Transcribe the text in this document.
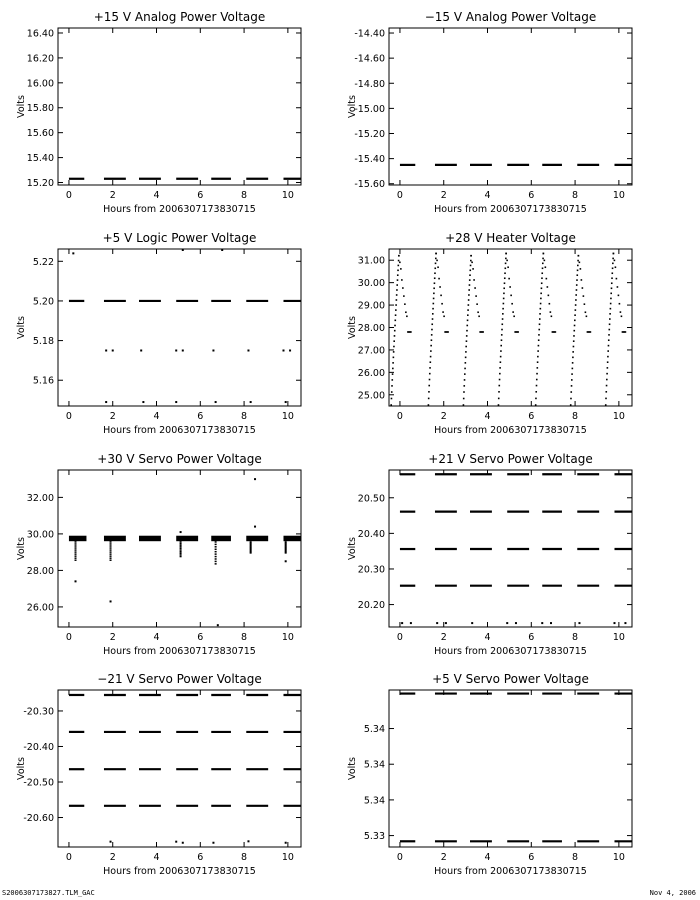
+15 V Analog Power Voltage
0	2	4	6	8	10
15.20
15.40
15.60
15.80
16.00
16.20
16.40
Hours from 2006307173830715
Volts
−15 V Analog Power Voltage
0	2	4	6	8	10
-15.60
-15.40
-15.20
-15.00
-14.80
-14.60
-14.40
Hours from 2006307173830715
Volts
+5 V Logic Power Voltage
0	2	4	6	8	10
5.16
5.18
5.20
5.22
Hours from 2006307173830715
Volts
+28 V Heater Voltage
0	2	4	6	8	10
25.00
26.00
27.00
28.00
29.00
30.00
31.00
Hours from 2006307173830715
Volts
+30 V Servo Power Voltage
0	2	4	6	8	10
26.00
28.00
30.00
32.00
Hours from 2006307173830715
Volts
+21 V Servo Power Voltage
0	2	4	6	8	10
20.20
20.30
20.40
20.50
Hours from 2006307173830715
Volts
−21 V Servo Power Voltage
0	2	4	6	8	10
-20.60
-20.50
-20.40
-20.30
Hours from 2006307173830715
Volts
+5 V Servo Power Voltage
0	2	4	6	8	10
5.33
5.34
5.34
5.34
Hours from 2006307173830715
Volts
S2006307173827.TLM_GAC	Nov 4, 2006
